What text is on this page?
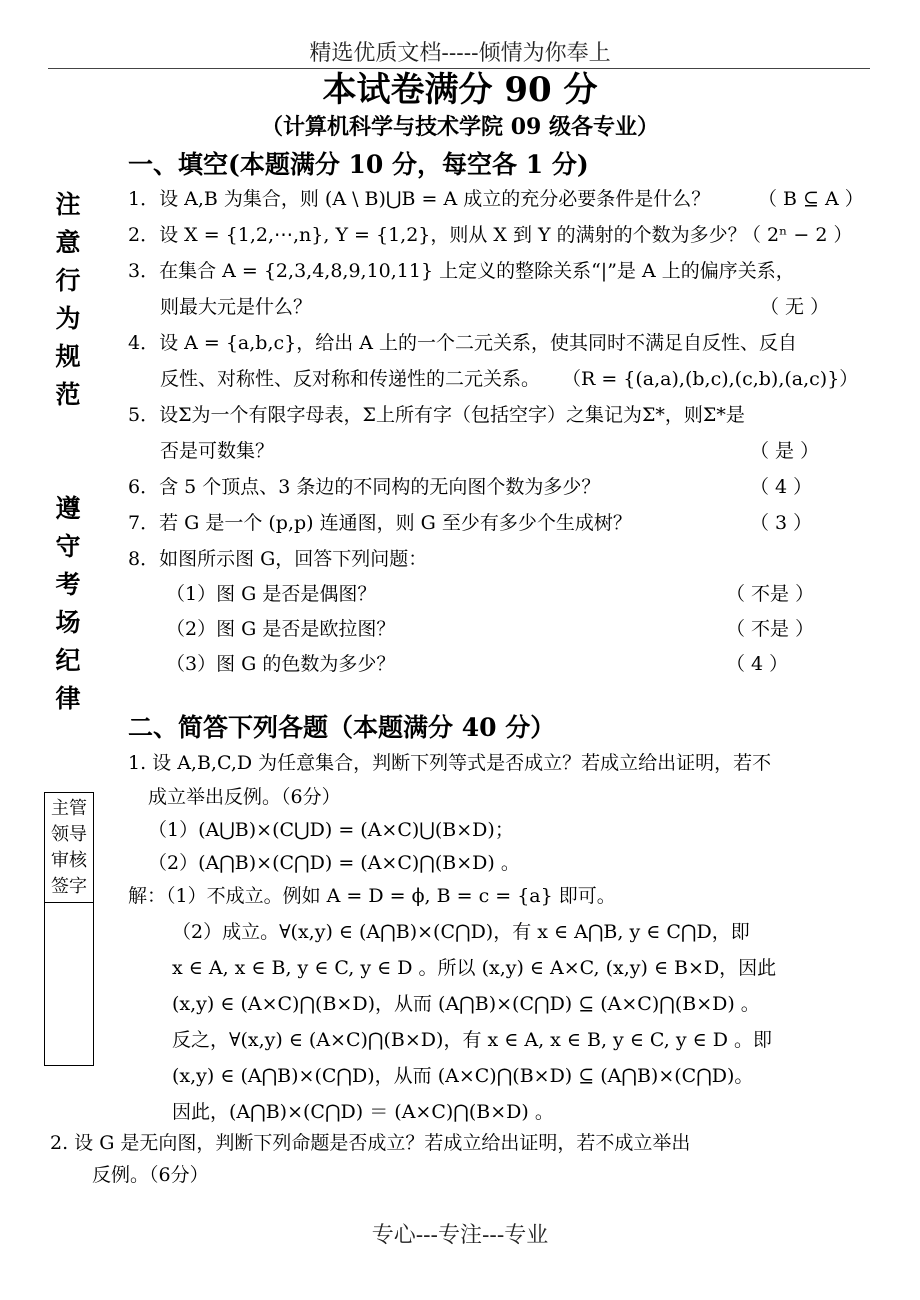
精选优质文档-----倾情为你奉上
本试卷满分 90 分
（计算机科学与技术学院 09 级各专业）
注
意
行
为
规
范
遵
守
考
场
纪
律
主管领导审核签字
一、填空(本题满分 10 分，每空各 1 分)
1．设 A,B 为集合，则 (A \ B)⋃B = A 成立的充分必要条件是什么？	（ B ⊆ A ）
2．设 X = {1,2,⋯,n}, Y = {1,2}，则从 X 到 Y 的满射的个数为多少？
（ 2ⁿ − 2 ）
3．在集合 A = {2,3,4,8,9,10,11} 上定义的整除关系“|”是 A 上的偏序关系，
则最大元是什么？	（ 无 ）
4．设 A = {a,b,c}，给出 A 上的一个二元关系，使其同时不满足自反性、反自
反性、对称性、反对称和传递性的二元关系。 （R = {(a,a),(b,c),(c,b),(a,c)}）
5．设Σ为一个有限字母表，Σ上所有字（包括空字）之集记为Σ*，则Σ*是
否是可数集？	（ 是 ）
6．含 5 个顶点、3 条边的不同构的无向图个数为多少？	（ 4 ）
7．若 G 是一个 (p,p) 连通图，则 G 至少有多少个生成树？	（ 3 ）
8．如图所示图 G，回答下列问题：
（1）图 G 是否是偶图？	（ 不是 ）
（2）图 G 是否是欧拉图？	（ 不是 ）
（3）图 G 的色数为多少？	（ 4 ）
二、简答下列各题（本题满分 40 分）
1. 设 A,B,C,D 为任意集合，判断下列等式是否成立？若成立给出证明，若不
成立举出反例。（6分）
（1）(A⋃B)×(C⋃D) = (A×C)⋃(B×D)；
（2）(A⋂B)×(C⋂D) = (A×C)⋂(B×D) 。
解：（1）不成立。例如 A = D = ϕ, B = c = {a} 即可。
（2）成立。∀(x,y) ∈ (A⋂B)×(C⋂D)，有 x ∈ A⋂B, y ∈ C⋂D，即
x ∈ A, x ∈ B, y ∈ C, y ∈ D 。所以 (x,y) ∈ A×C, (x,y) ∈ B×D，因此
(x,y) ∈ (A×C)⋂(B×D)，从而 (A⋂B)×(C⋂D) ⊆ (A×C)⋂(B×D) 。
反之，∀(x,y) ∈ (A×C)⋂(B×D)，有 x ∈ A, x ∈ B, y ∈ C, y ∈ D 。即
(x,y) ∈ (A⋂B)×(C⋂D)，从而 (A×C)⋂(B×D) ⊆ (A⋂B)×(C⋂D)。
因此，(A⋂B)×(C⋂D) ＝ (A×C)⋂(B×D) 。
2. 设 G 是无向图，判断下列命题是否成立？若成立给出证明，若不成立举出
反例。（6分）
专心---专注---专业
